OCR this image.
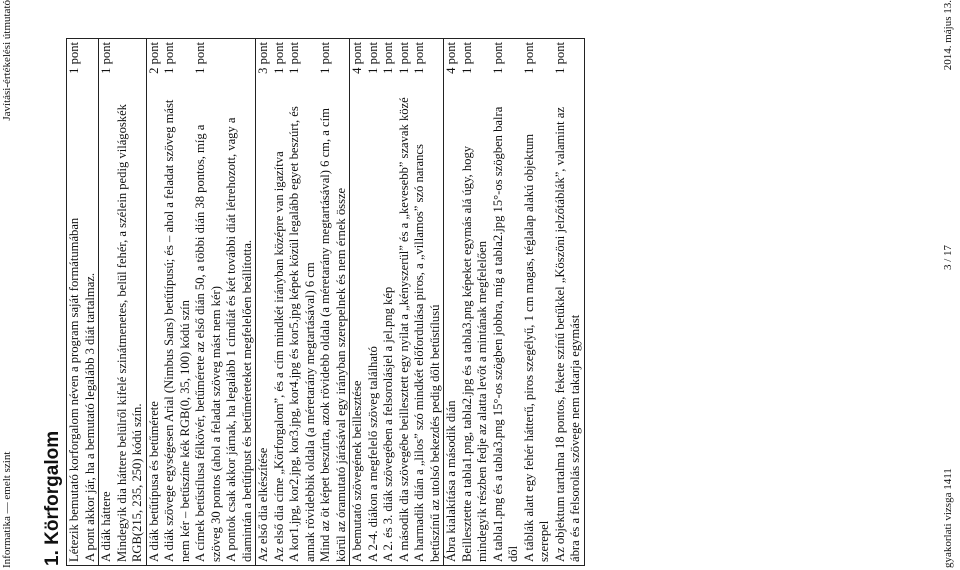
Informatika — emelt szint
Javítási-értékelési útmutató
1. Körforgalom Létezik bemutató korforgalom néven a program saját formátumában
1 pont
A pont akkor jár, ha a bemutató legalább 3 diát tartalmaz. A diák háttere
1 pont
Mindegyik dia háttere belülről kifelé szinátmenetes, belül fehér, a szélein pedig világoskék RGB(215, 235, 250) kódú szín. A diák betűtípusa és betűmérete
2 pont
A diák szövege egységesen Arial (Nimbus Sans) betűtípusú; és – ahol a feladat szöveg mást nem kér – betűszíne kék RGB(0, 35, 100) kódú szín
1 pont
A címek betűstílusa félkövér, betűmérete az első dián 50, a többi dián 38 pontos, míg a szöveg 30 pontos (ahol a feladat szöveg mást nem kér)
1 pont
A pontok csak akkor járnak, ha legalább 1 címdiát és két további diát létrehozott, vagy a diamintán a betűtípust és betűméreteket megfelelően beállította. Az első dia elkészítése
3 pont
Az első dia címe „Körforgalom”, és a cím mindkét irányban középre van igazítva
1 pont
A kor1.jpg, kor2.jpg, kor3.jpg, kor4.jpg és kor5.jpg képek közül legalább egyet beszúrt, és annak rövidebbik oldala (a méretarány megtartásával) 6 cm
1 pont
Mind az öt képet beszúrta, azok rövidebb oldala (a méretarány megtartásával) 6 cm, a cím körül az óramutató járásával egy irányban szerepelnek és nem érnek össze
1 pont
A bemutató szövegének beillesztése
4 pont
A 2-4. diákon a megfelelő szöveg található
1 pont
A 2. és 3. diák szövegében a felsorolásjel a jel.png kép
1 pont
A második dia szövegébe beillesztett egy nyilat a „kényszerül” és a „kevesebb” szavak közé
1 pont
A harmadik dián a „lilos” szó mindkét előfordulása piros, a „villamos” szó narancs betűszínű az utolsó bekezdés pedig dőlt betűstílusú
1 pont
Ábra kialakítása a második dián
4 pont
Beillesztette a tabla1.png, tabla2.jpg és a tabla3.png képeket egymás alá úgy, hogy mindegyik részben fedje az alatta levőt a mintának megfelelően
1 pont
A tabla1.png és a tabla3.png 15°-os szögben jobbra, míg a tabla2.jpg 15°-os szögben balra dől
1 pont
A táblák alatt egy fehér hátterű, piros szegélyű, 1 cm magas, téglalap alakú objektum szerepel
1 pont
Az objektum tartalma 18 pontos, fekete színű betűkkel „Köszöni jelzőtáblák”, valamint az ábra és a felsorolás szövege nem takarja egymást
1 pont
gyakorlati vizsga 1411
3 / 17
2014. május 13.
